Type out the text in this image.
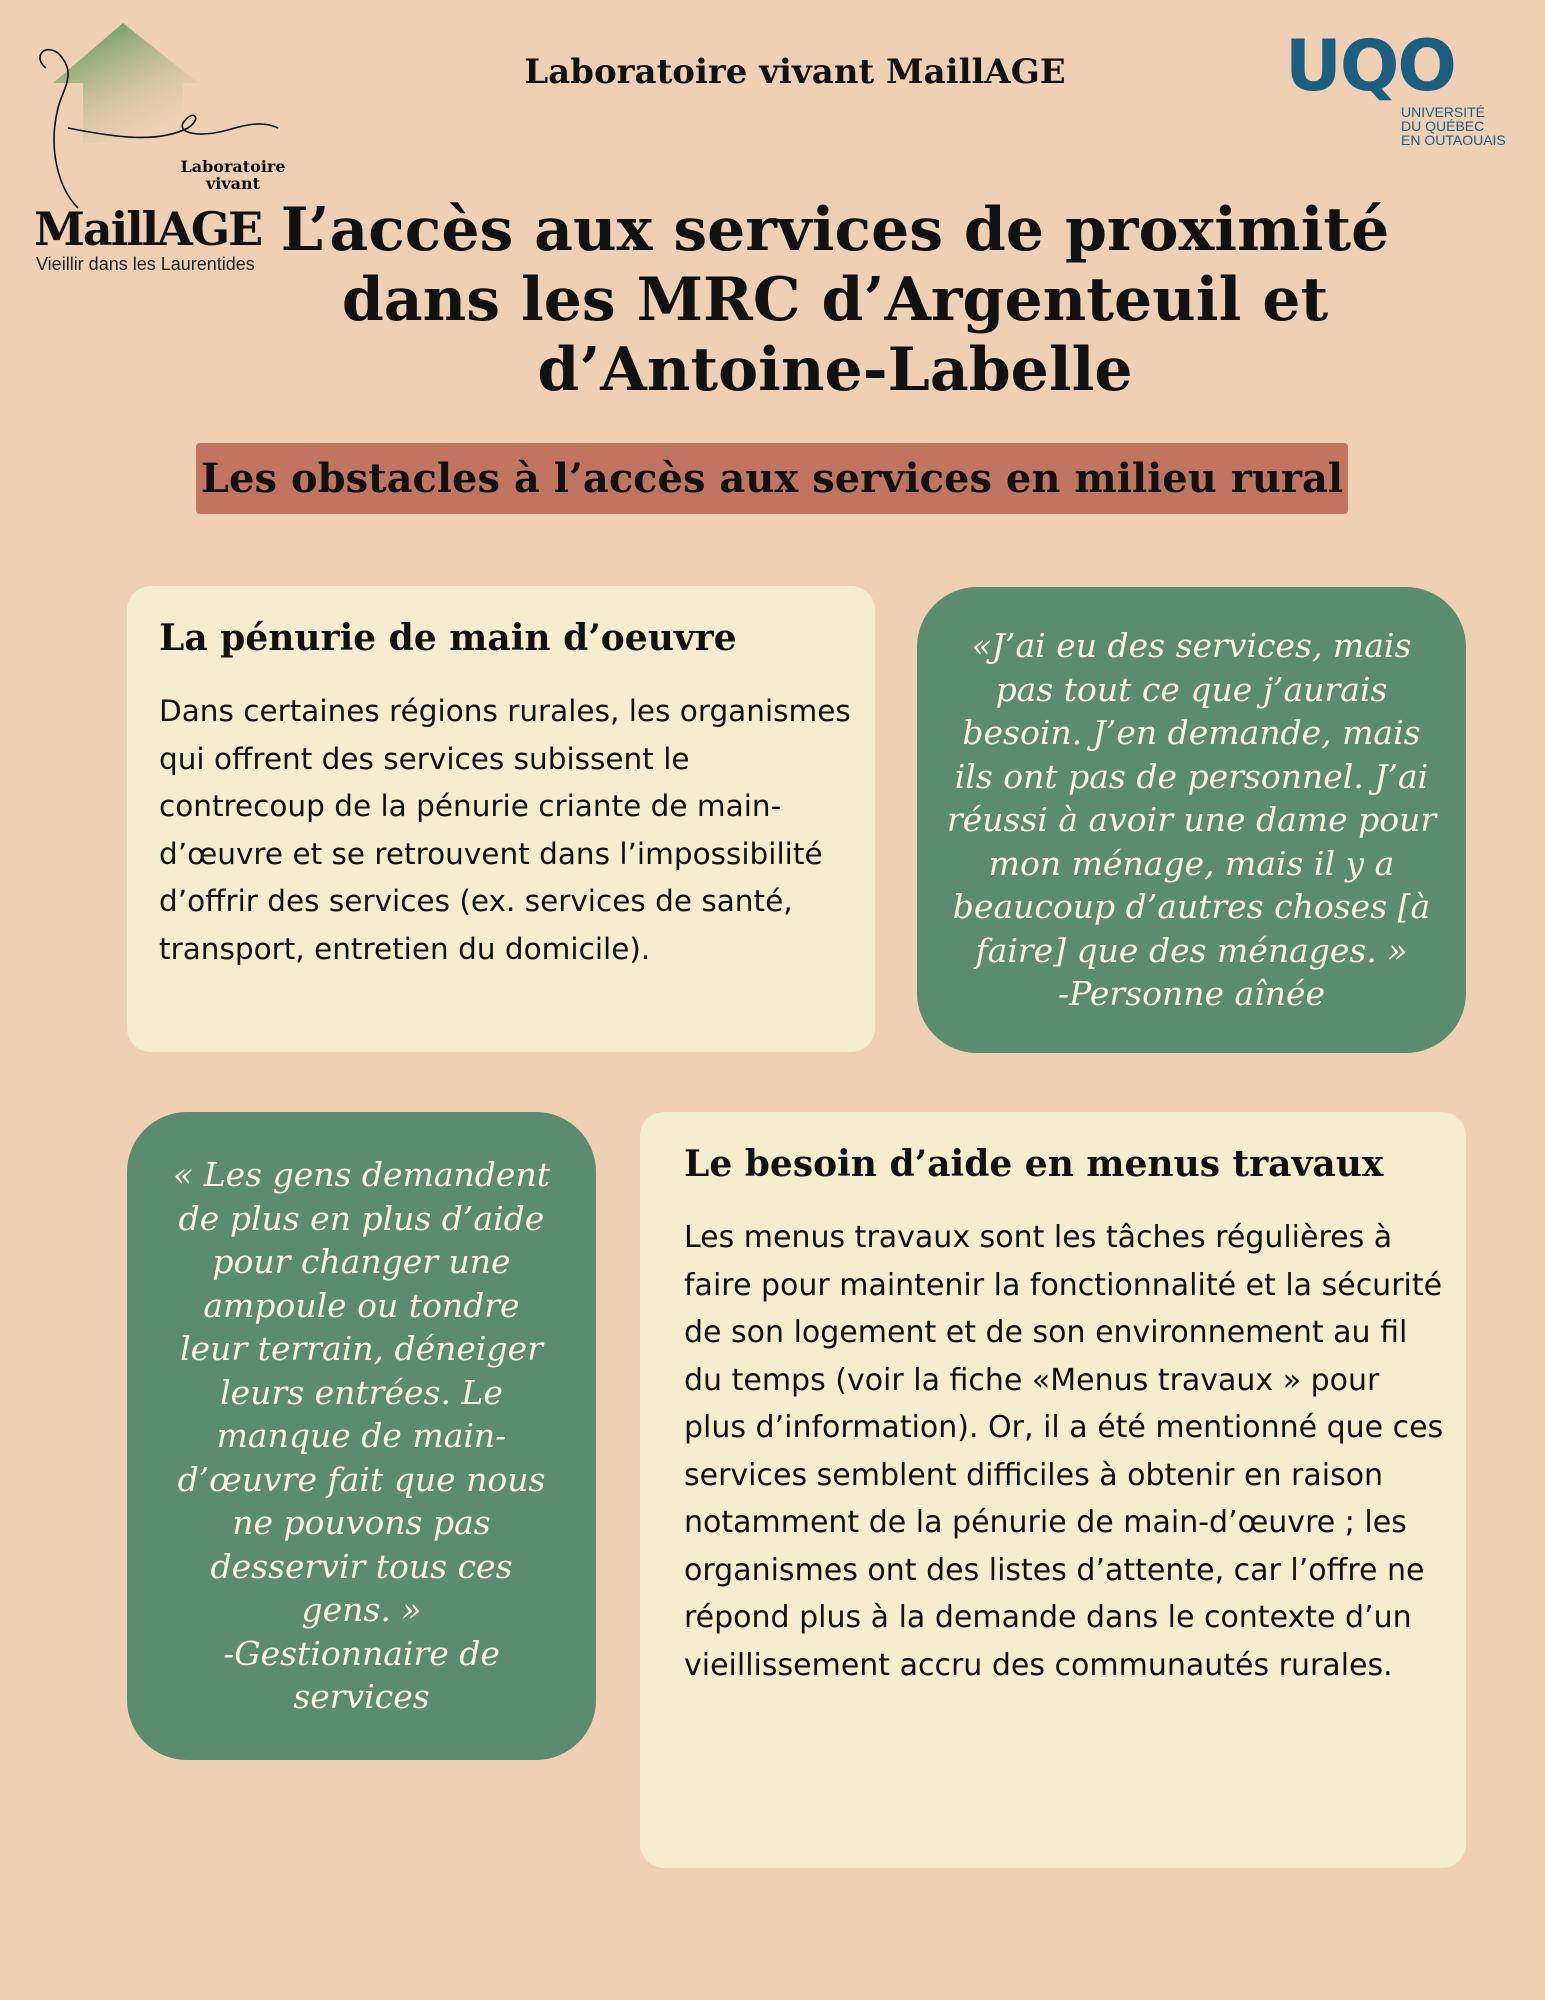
Laboratoire
vivant
MaillAGE
Vieillir dans les Laurentides
Laboratoire vivant MaillAGE	UQO
UNIVERSITÉ
DU QUÉBEC
EN OUTAOUAIS
L’accès aux services de proximité
dans les MRC d’Argenteuil et
d’Antoine-Labelle
Les obstacles à l’accès aux services en milieu rural
La pénurie de main d’oeuvre

Dans certaines régions rurales, les organismes qui offrent des services subissent le contrecoup de la pénurie criante de main-d’œuvre et se retrouvent dans l’impossibilité d’offrir des services (ex. services de santé, transport, entretien du domicile).

«J’ai eu des services, mais
pas tout ce que j’aurais
besoin. J’en demande, mais
ils ont pas de personnel. J’ai
réussi à avoir une dame pour
mon ménage, mais il y a
beaucoup d’autres choses [à
faire] que des ménages. »
-Personne aînée
« Les gens demandent
de plus en plus d’aide
pour changer une
ampoule ou tondre
leur terrain, déneiger
leurs entrées. Le
manque de main-
d’œuvre fait que nous
ne pouvons pas
desservir tous ces
gens. »
-Gestionnaire de
services
Le besoin d’aide en menus travaux

Les menus travaux sont les tâches régulières à faire pour maintenir la fonctionnalité et la sécurité de son logement et de son environnement au fil du temps (voir la fiche «Menus travaux » pour plus d’information). Or, il a été mentionné que ces services semblent difficiles à obtenir en raison notamment de la pénurie de main-d’œuvre ; les organismes ont des listes d’attente, car l’offre ne répond plus à la demande dans le contexte d’un vieillissement accru des communautés rurales.
